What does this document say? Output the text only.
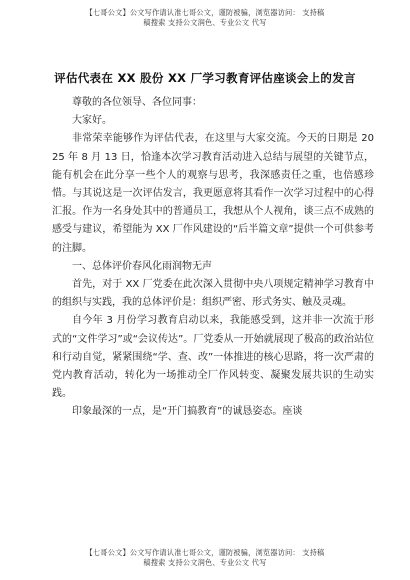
【七哥公文】公文写作请认准七哥公文，谨防被骗，浏览器访问： 支持稿
稿搜索 支持公文润色、专业公文 代写
评估代表在 XX 股份 XX 厂学习教育评估座谈会上的发言

尊敬的各位领导、各位同事：

大家好。

非常荣幸能够作为评估代表，在这里与大家交流。今天的日期是 2025 年 8 月 13 日，恰逢本次学习教育活动进入总结与展望的关键节点，能有机会在此分享一些个人的观察与思考，我深感责任之重，也倍感珍惜。与其说这是一次评估发言，我更愿意将其看作一次学习过程中的心得汇报。作为一名身处其中的普通员工，我想从个人视角，谈三点不成熟的感受与建议，希望能为 XX 厂作风建设的“后半篇文章”提供一个可供参考的注脚。

一、总体评价春风化雨润物无声

首先，对于 XX 厂党委在此次深入贯彻中央八项规定精神学习教育中的组织与实践，我的总体评价是：组织严密、形式务实、触及灵魂。

自今年 3 月份学习教育启动以来，我能感受到，这并非一次流于形式的“文件学习”或“会议传达”。厂党委从一开始就展现了极高的政治站位和行动自觉，紧紧围绕“学、查、改”一体推进的核心思路，将一次严肃的党内教育活动，转化为一场推动全厂作风转变、凝聚发展共识的生动实践。

印象最深的一点，是“开门搞教育”的诚恳姿态。座谈

【七哥公文】公文写作请认准七哥公文，谨防被骗，浏览器访问： 支持稿
稿搜索 支持公文润色、专业公文 代写
